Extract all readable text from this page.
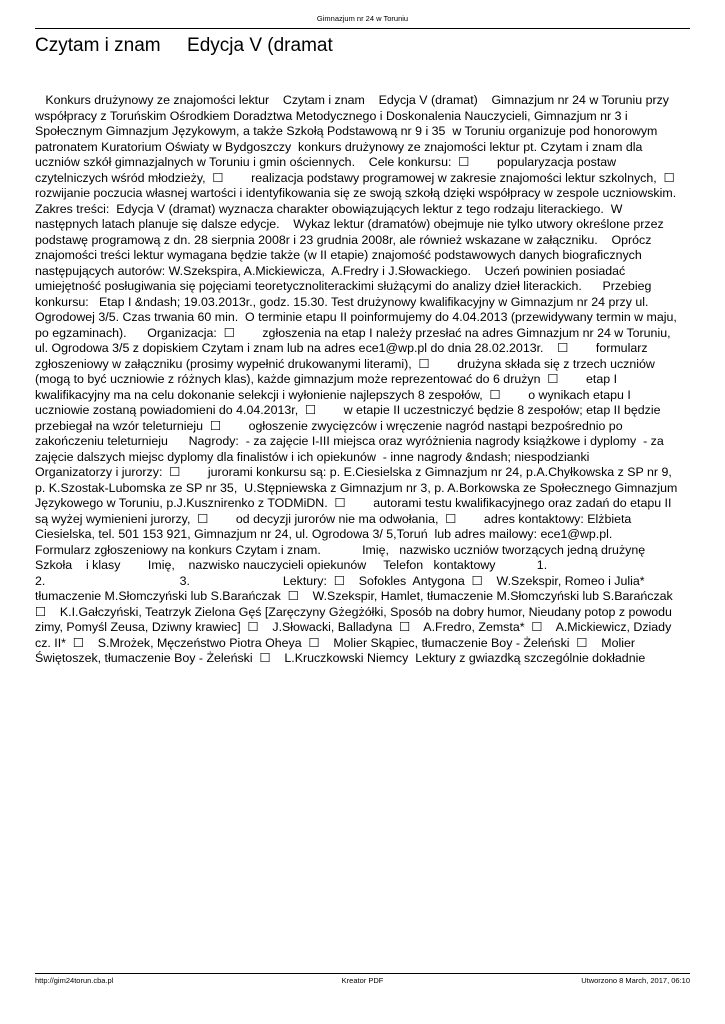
Gimnazjum nr 24 w Toruniu
Czytam i znam     Edycja V (dramat
Konkurs drużynowy ze znajomości lektur    Czytam i znam    Edycja V (dramat)    Gimnazjum nr 24 w Toruniu przy współpracy z Toruńskim Ośrodkiem Doradztwa Metodycznego i Doskonalenia Nauczycieli, Gimnazjum nr 3 i Społecznym Gimnazjum Językowym, a także Szkołą Podstawową nr 9 i 35  w Toruniu organizuje pod honorowym patronatem Kuratorium Oświaty w Bydgoszczy  konkurs drużynowy ze znajomości lektur pt. Czytam i znam dla uczniów szkół gimnazjalnych w Toruniu i gmin ościennych.    Cele konkursu:  ☐        popularyzacja postaw czytelniczych wśród młodzieży,  ☐        realizacja podstawy programowej w zakresie znajomości lektur szkolnych,  ☐        rozwijanie poczucia własnej wartości i identyfikowania się ze swoją szkołą dzięki współpracy w zespole uczniowskim.     Zakres treści:  Edycja V (dramat) wyznacza charakter obowiązujących lektur z tego rodzaju literackiego.  W następnych latach planuje się dalsze edycje.    Wykaz lektur (dramatów) obejmuje nie tylko utwory określone przez podstawę programową z dn. 28 sierpnia 2008r i 23 grudnia 2008r, ale również wskazane w załączniku.    Oprócz znajomości treści lektur wymagana będzie także (w II etapie) znajomość podstawowych danych biograficznych następujących autorów: W.Szekspira, A.Mickiewicza,  A.Fredry i J.Słowackiego.    Uczeń powinien posiadać umiejętność posługiwania się pojęciami teoretycznoliterackimi służącymi do analizy dzieł literackich.      Przebieg konkursu:   Etap I &ndash; 19.03.2013r., godz. 15.30. Test drużynowy kwalifikacyjny w Gimnazjum nr 24 przy ul. Ogrodowej 3/5. Czas trwania 60 min.  O terminie etapu II poinformujemy do 4.04.2013 (przewidywany termin w maju, po egzaminach).      Organizacja:  ☐        zgłoszenia na etap I należy przesłać na adres Gimnazjum nr 24 w Toruniu, ul. Ogrodowa 3/5 z dopiskiem Czytam i znam lub na adres ece1@wp.pl do dnia 28.02.2013r.    ☐        formularz zgłoszeniowy w załączniku (prosimy wypełnić drukowanymi literami),  ☐        drużyna składa się z trzech uczniów (mogą to być uczniowie z różnych klas), każde gimnazjum może reprezentować do 6 drużyn  ☐        etap I kwalifikacyjny ma na celu dokonanie selekcji i wyłonienie najlepszych 8 zespołów,  ☐        o wynikach etapu I uczniowie zostaną powiadomieni do 4.04.2013r,  ☐        w etapie II uczestniczyć będzie 8 zespołów; etap II będzie przebiegał na wzór teleturnieju  ☐        ogłoszenie zwycięzców i wręczenie nagród nastąpi bezpośrednio po zakończeniu teleturnieju      Nagrody:  - za zajęcie I-III miejsca oraz wyróżnienia nagrody książkowe i dyplomy  - za zajęcie dalszych miejsc dyplomy dla finalistów i ich opiekunów  - inne nagrody &ndash; niespodzianki      Organizatorzy i jurorzy:  ☐        jurorami konkursu są: p. E.Ciesielska z Gimnazjum nr 24, p.A.Chyłkowska z SP nr 9, p. K.Szostak-Lubomska ze SP nr 35,  U.Stępniewska z Gimnazjum nr 3, p. A.Borkowska ze Społecznego Gimnazjum Językowego w Toruniu, p.J.Kusznirenko z TODMiDN.  ☐        autorami testu kwalifikacyjnego oraz zadań do etapu II są wyżej wymienieni jurorzy,  ☐        od decyzji jurorów nie ma odwołania,  ☐        adres kontaktowy: Elżbieta Ciesielska, tel. 501 153 921, Gimnazjum nr 24, ul. Ogrodowa 3/ 5,Toruń  lub adres mailowy: ece1@wp.pl.      Formularz zgłoszeniowy na konkurs Czytam i znam.            Imię,   nazwisko uczniów tworzących jedną drużynę        Szkoła    i klasy        Imię,    nazwisko nauczycieli opiekunów     Telefon   kontaktowy            1.                                       2.                                       3.                           Lektury:  ☐    Sofokles  Antygona  ☐    W.Szekspir, Romeo i Julia* tłumaczenie M.Słomczyński lub S.Barańczak  ☐    W.Szekspir, Hamlet, tłumaczenie M.Słomczyński lub S.Barańczak  ☐    K.I.Gałczyński, Teatrzyk Zielona Gęś [Zaręczyny Gżegżółki, Sposób na dobry humor, Nieudany potop z powodu zimy, Pomyśl Zeusa, Dziwny krawiec]  ☐    J.Słowacki, Balladyna  ☐    A.Fredro, Zemsta*  ☐    A.Mickiewicz, Dziady cz. II*  ☐    S.Mrożek, Męczeństwo Piotra Oheya  ☐    Molier Skąpiec, tłumaczenie Boy - Żeleński  ☐    Molier Świętoszek, tłumaczenie Boy - Żeleński  ☐    L.Kruczkowski Niemcy  Lektury z gwiazdką szczególnie dokładnie
http://gim24torun.cba.pl	Kreator PDF	Utworzono 8 March, 2017, 06:10
